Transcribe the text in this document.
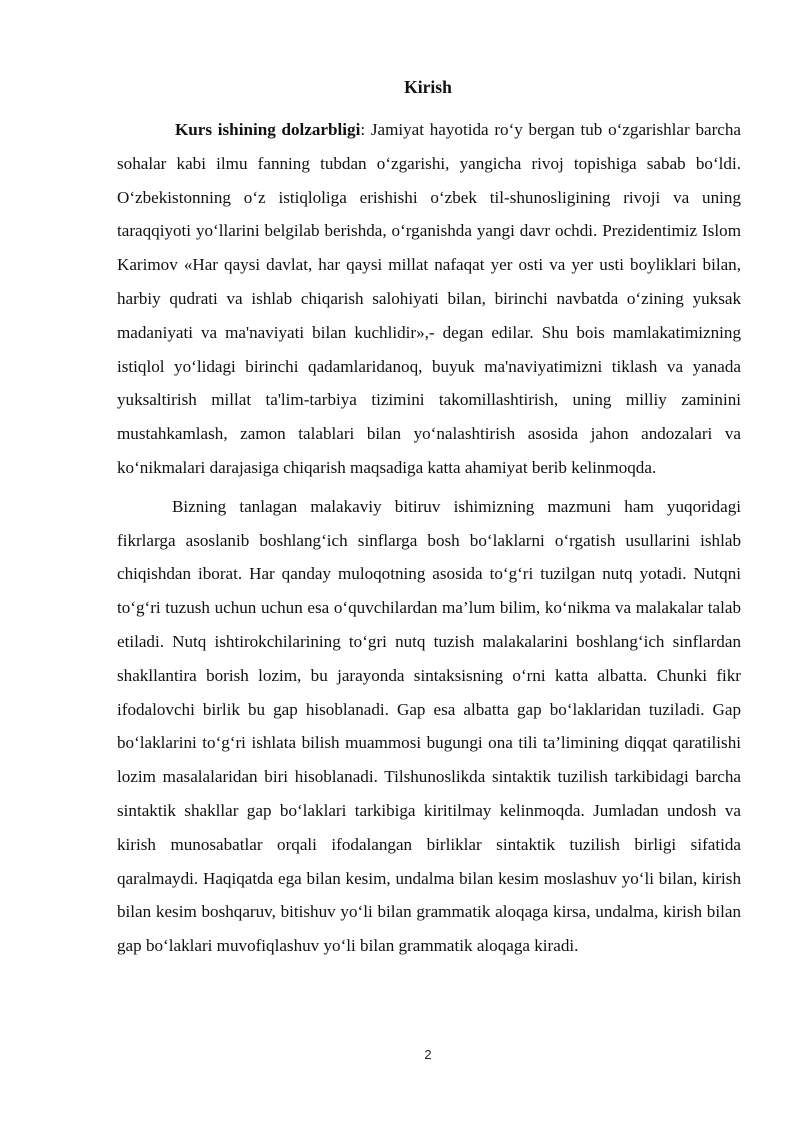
Kirish

Kurs ishining dolzarbligi: Jamiyat hayotida ro‘y bergan tub o‘zgarishlar barcha sohalar kabi ilmu fanning tubdan o‘zgarishi, yangicha rivoj topishiga sabab bo‘ldi. O‘zbekistonning o‘z istiqloliga erishishi o‘zbek til-shunosligining rivoji va uning taraqqiyoti yo‘llarini belgilab berishda, o‘rganishda yangi davr ochdi. Prezidentimiz Islom Karimov «Har qaysi davlat, har qaysi millat nafaqat yer osti va yer usti boyliklari bilan, harbiy qudrati va ishlab chiqarish salohiyati bilan, birinchi navbatda o‘zining yuksak madaniyati va ma'naviyati bilan kuchlidir»,- degan edilar. Shu bois mamlakatimizning istiqlol yo‘lidagi birinchi qadamlaridanoq, buyuk ma'naviyatimizni tiklash va yanada yuksaltirish millat ta'lim-tarbiya tizimini takomillashtirish, uning milliy zaminini mustahkamlash, zamon talablari bilan yo‘nalashtirish asosida jahon andozalari va ko‘nikmalari darajasiga chiqarish maqsadiga katta ahamiyat berib kelinmoqda.

Bizning tanlagan malakaviy bitiruv ishimizning mazmuni ham yuqoridagi fikrlarga asoslanib boshlang‘ich sinflarga bosh bo‘laklarni o‘rgatish usullarini ishlab chiqishdan iborat. Har qanday muloqotning asosida to‘g‘ri tuzilgan nutq yotadi. Nutqni to‘g‘ri tuzush uchun uchun esa o‘quvchilardan ma’lum bilim, ko‘nikma va malakalar talab etiladi. Nutq ishtirokchilarining to‘gri nutq tuzish malakalarini boshlang‘ich sinflardan shakllantira borish lozim, bu jarayonda sintaksisning o‘rni katta albatta. Chunki fikr ifodalovchi birlik bu gap hisoblanadi. Gap esa albatta gap bo‘laklaridan tuziladi. Gap bo‘laklarini to‘g‘ri ishlata bilish muammosi bugungi ona tili ta’limining diqqat qaratilishi lozim masalalaridan biri hisoblanadi. Tilshunoslikda sintaktik tuzilish tarkibidagi barcha sintaktik shakllar gap bo‘laklari tarkibiga kiritilmay kelinmoqda. Jumladan undosh va kirish munosabatlar orqali ifodalangan birliklar sintaktik tuzilish birligi sifatida qaralmaydi. Haqiqatda ega bilan kesim, undalma bilan kesim moslashuv yo‘li bilan, kirish bilan kesim boshqaruv, bitishuv yo‘li bilan grammatik aloqaga kirsa, undalma, kirish bilan gap bo‘laklari muvofiqlashuv yo‘li bilan grammatik aloqaga kiradi.

2
